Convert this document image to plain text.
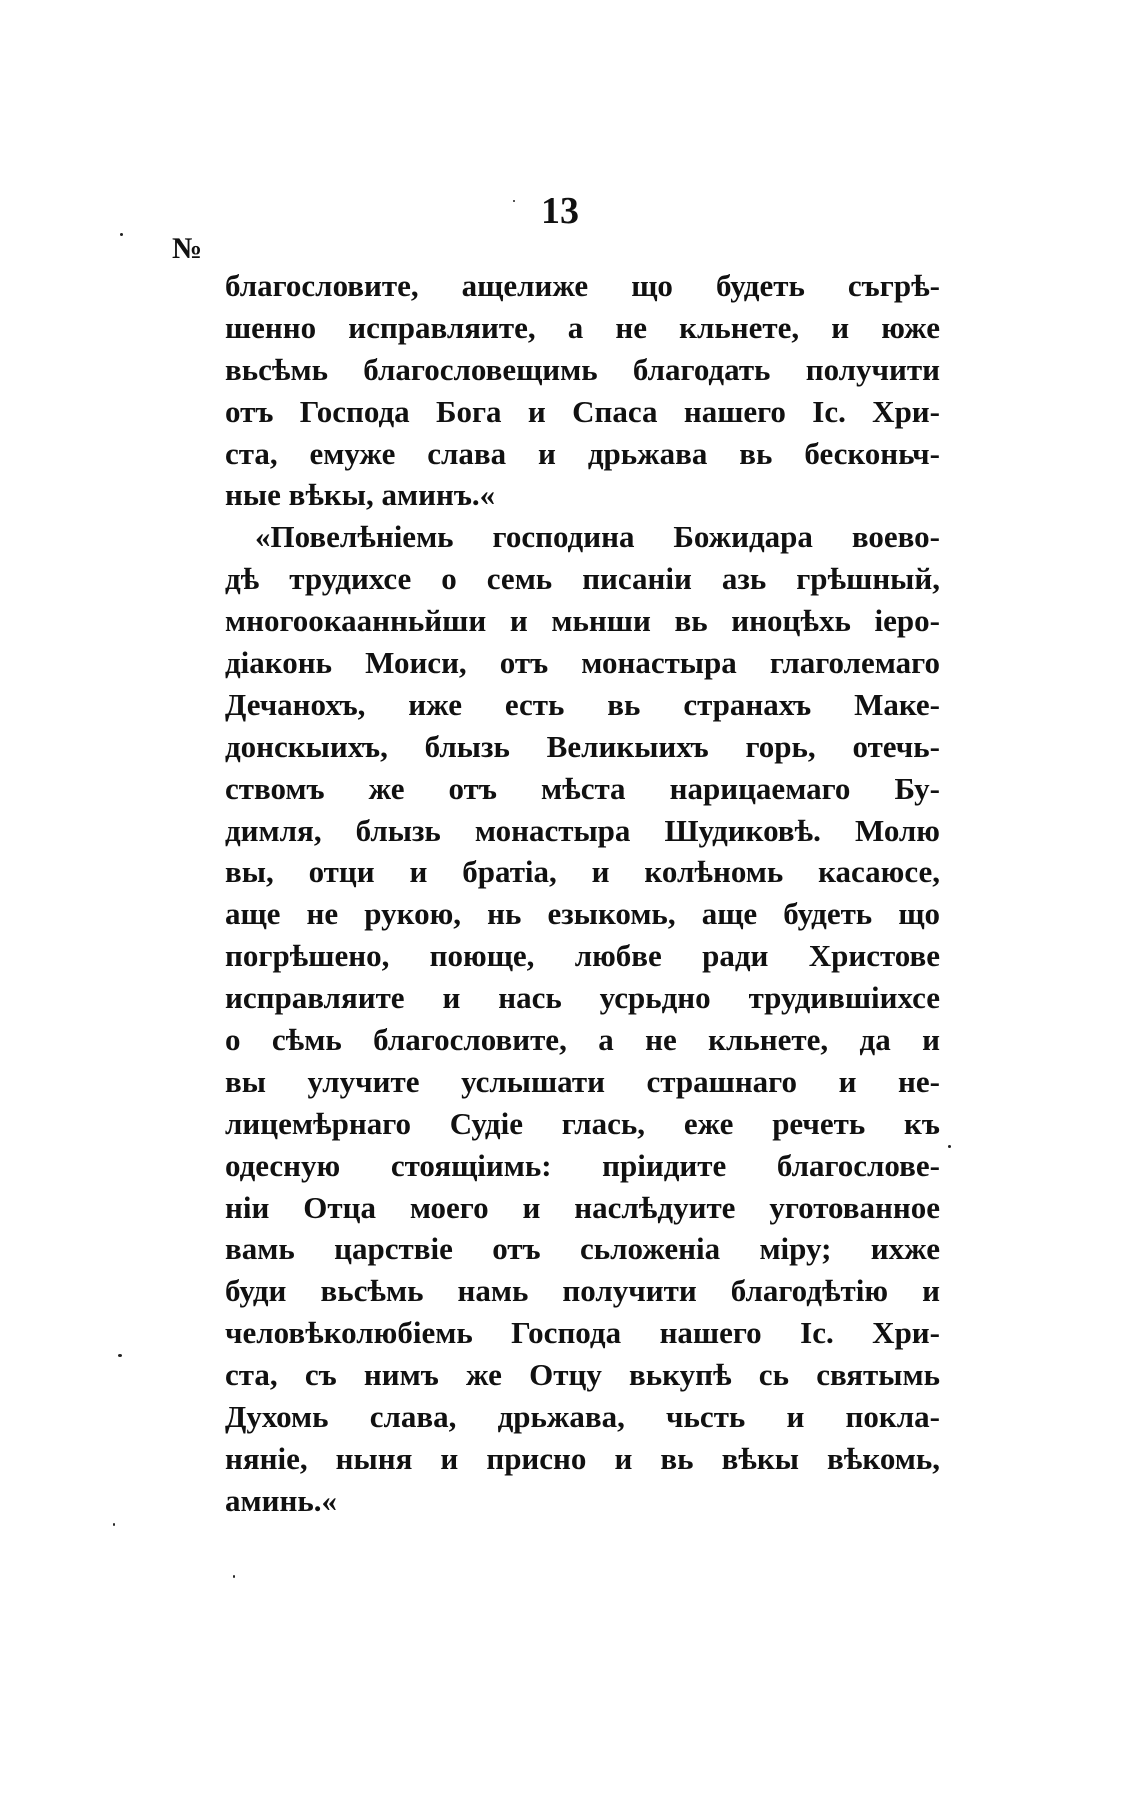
13
№
благословите, ащелиже що будеть съгрѣ-
шенно исправляите, а не кльнете, и юже
вьсѣмь благословещимь благодать получити
отъ Господа Бога и Спаса нашего Іс. Хри-
ста, емуже слава и дрьжава вь бесконьч-
ные вѣкы, аминъ.«
«Повелѣніемь господина Божидара воево-
дѣ трудихсе о семь писаніи азь грѣшный,
многоокаанньйши и мьнши вь иноцѣхь іеро-
діаконь Моиси, отъ монастыра глаголемаго
Дечанохъ, иже есть вь странахъ Маке-
донскыихъ, блызь Великыихъ горь, отечь-
ствомъ же отъ мѣста нарицаемаго Бу-
димля, блызь монастыра Шудиковѣ. Молю
вы, отци и братіа, и колѣномь касаюсе,
аще не рукою, нь езыкомь, аще будеть що
погрѣшено, поюще, любве ради Христове
исправляите и нась усрьдно трудившіихсе
о сѣмь благословите, а не кльнете, да и
вы улучите услышати страшнаго и не-
лицемѣрнаго Судіе глась, еже речеть къ
одесную стоящіимь: пріидите благослове-
ніи Отца моего и наслѣдуите уготованное
вамь царствіе отъ сьложеніа міру; ихже
буди вьсѣмь намь получити благодѣтію и
человѣколюбіемь Господа нашего Іс. Хри-
ста, съ нимъ же Отцу вькупѣ сь святымь
Духомь слава, дрьжава, чьсть и покла-
няніе, ныня и присно и вь вѣкы вѣкомь,
аминь.«
